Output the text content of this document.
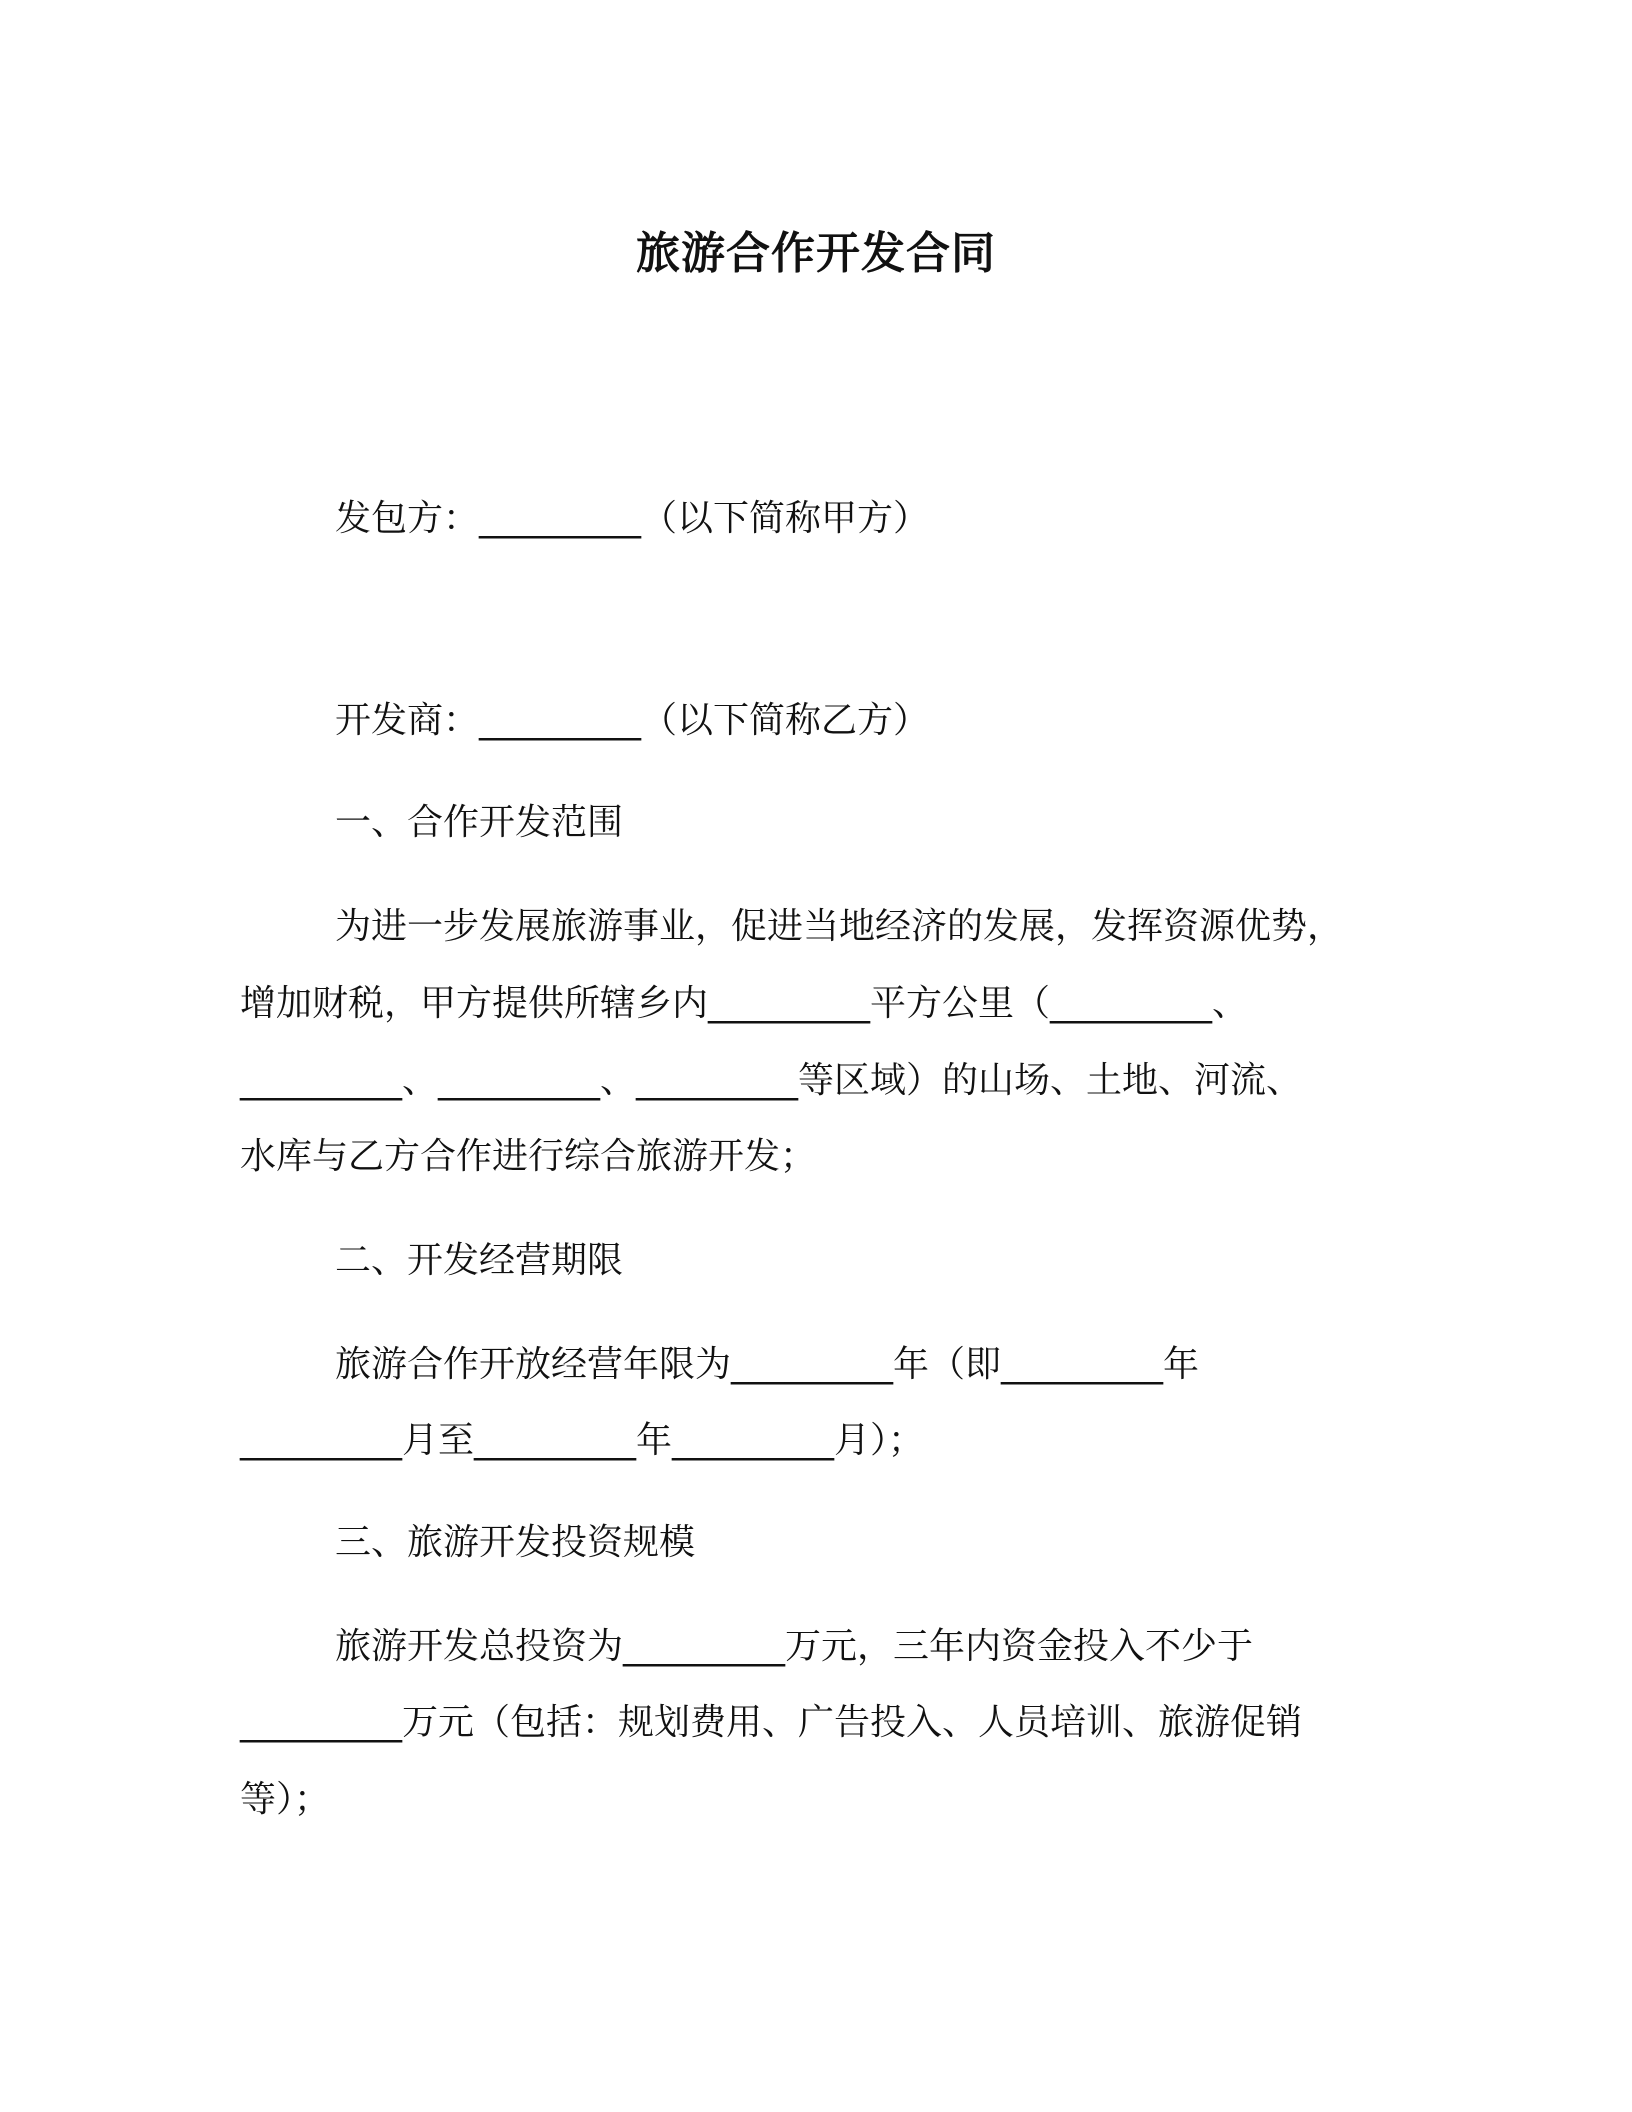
旅游合作开发合同

发包方：_________（以下简称甲方）

开发商：_________（以下简称乙方）

一、合作开发范围

为进一步发展旅游事业，促进当地经济的发展，发挥资源优势，

增加财税，甲方提供所辖乡内_________平方公里（_________、

_________、_________、_________等区域）的山场、土地、河流、

水库与乙方合作进行综合旅游开发；

二、开发经营期限

旅游合作开放经营年限为_________年（即_________年

_________月至_________年_________月）；

三、旅游开发投资规模

旅游开发总投资为_________万元，三年内资金投入不少于

_________万元（包括：规划费用、广告投入、人员培训、旅游促销

等）；
